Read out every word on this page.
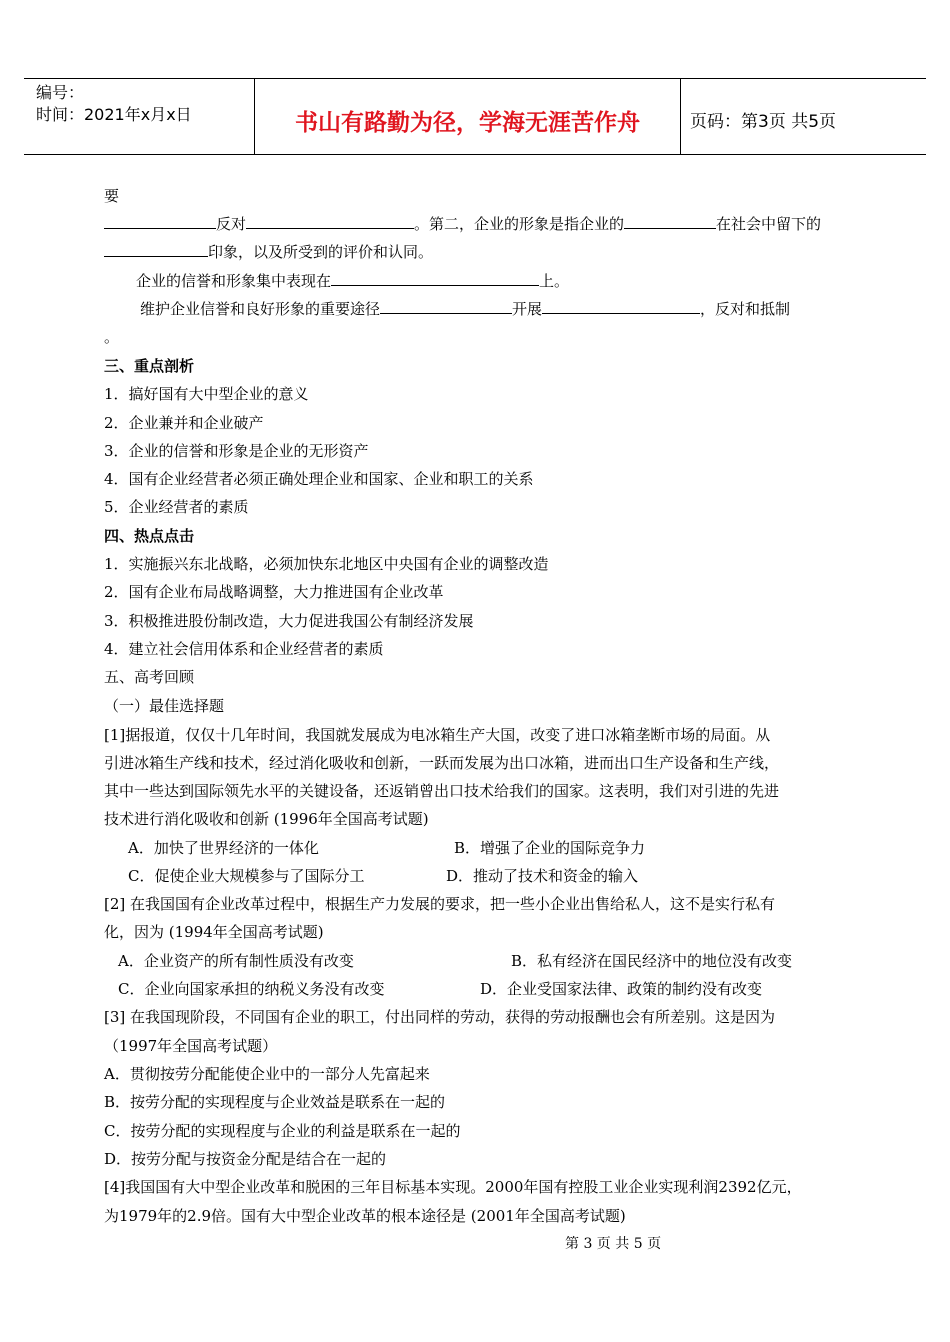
编号：
时间：2021年x月x日	书山有路勤为径，学海无涯苦作舟	页码：第3页 共5页
要
反对	。第二，企业的形象是指企业的	在社会中留下的
印象，以及所受到的评价和认同。
企业的信誉和形象集中表现在	上。
维护企业信誉和良好形象的重要途径	开展	，反对和抵制
。
三、重点剖析
1．搞好国有大中型企业的意义
2．企业兼并和企业破产
3．企业的信誉和形象是企业的无形资产
4．国有企业经营者必须正确处理企业和国家、企业和职工的关系
5．企业经营者的素质
四、热点点击
1．实施振兴东北战略，必须加快东北地区中央国有企业的调整改造
2．国有企业布局战略调整，大力推进国有企业改革
3．积极推进股份制改造，大力促进我国公有制经济发展
4．建立社会信用体系和企业经营者的素质
五、高考回顾
（一）最佳选择题
[1]据报道，仅仅十几年时间，我国就发展成为电冰箱生产大国，改变了进口冰箱垄断市场的局面。从
引进冰箱生产线和技术，经过消化吸收和创新，一跃而发展为出口冰箱，进而出口生产设备和生产线，
其中一些达到国际领先水平的关键设备，还返销曾出口技术给我们的国家。这表明，我们对引进的先进
技术进行消化吸收和创新 (1996年全国高考试题)
A．加快了世界经济的一体化	B．增强了企业的国际竞争力
C．促使企业大规模参与了国际分工	D．推动了技术和资金的输入
[2] 在我国国有企业改革过程中，根据生产力发展的要求，把一些小企业出售给私人，这不是实行私有
化，因为 (1994年全国高考试题)
A．企业资产的所有制性质没有改变	B．私有经济在国民经济中的地位没有改变
C．企业向国家承担的纳税义务没有改变	D．企业受国家法律、政策的制约没有改变
[3] 在我国现阶段，不同国有企业的职工，付出同样的劳动，获得的劳动报酬也会有所差别。这是因为
（1997年全国高考试题）
A．贯彻按劳分配能使企业中的一部分人先富起来
B．按劳分配的实现程度与企业效益是联系在一起的
C．按劳分配的实现程度与企业的利益是联系在一起的
D．按劳分配与按资金分配是结合在一起的
[4]我国国有大中型企业改革和脱困的三年目标基本实现。2000年国有控股工业企业实现利润2392亿元，
为1979年的2.9倍。国有大中型企业改革的根本途径是 (2001年全国高考试题)
第 3 页 共 5 页
